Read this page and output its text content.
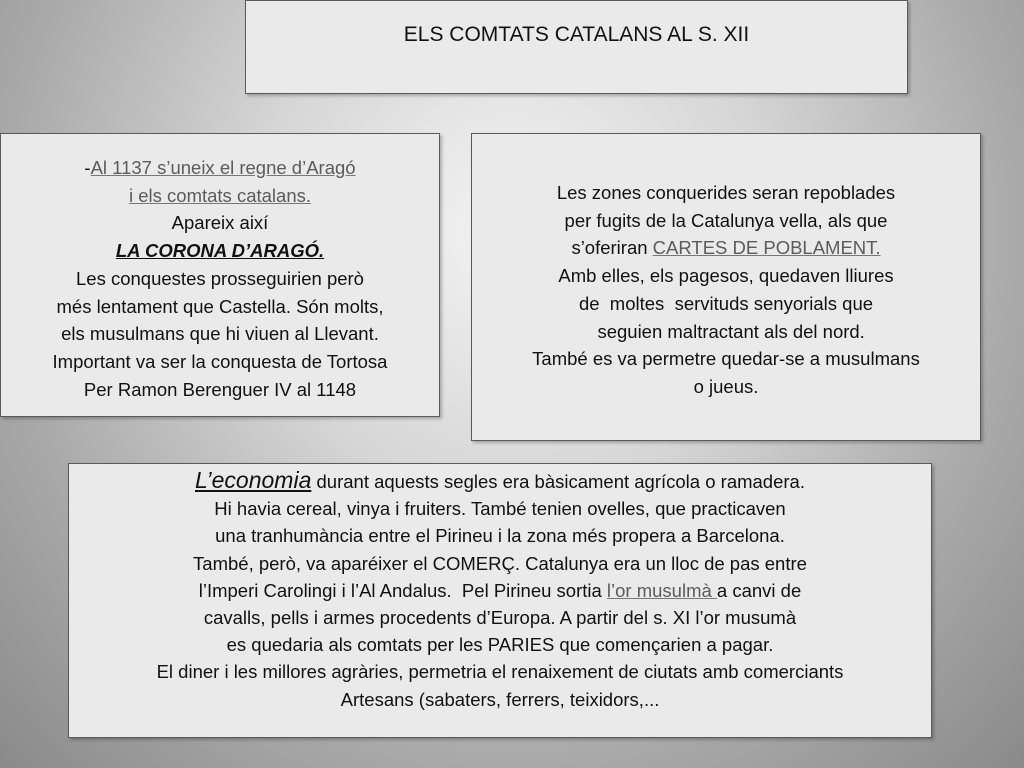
ELS COMTATS CATALANS AL S. XII
-Al 1137 s’uneix el regne d’Aragó
i els comtats catalans.
Apareix així
LA CORONA D’ARAGÓ.
Les conquestes prosseguirien però
més lentament que Castella. Són molts,
els musulmans que hi viuen al Llevant.
Important va ser la conquesta de Tortosa
Per Ramon Berenguer IV al 1148
Les zones conquerides seran repoblades
per fugits de la Catalunya vella, als que
s’oferiran CARTES DE POBLAMENT.
Amb elles, els pagesos, quedaven lliures
de  moltes  servituds senyorials que
seguien maltractant als del nord.
També es va permetre quedar-se a musulmans
o jueus.
L’economia durant aquests segles era bàsicament agrícola o ramadera.
Hi havia cereal, vinya i fruiters. També tenien ovelles, que practicaven
una tranhumància entre el Pirineu i la zona més propera a Barcelona.
També, però, va aparéixer el COMERÇ. Catalunya era un lloc de pas entre
l’Imperi Carolingi i l’Al Andalus.  Pel Pirineu sortia l’or musulmà a canvi de
cavalls, pells i armes procedents d’Europa. A partir del s. XI l’or musumà
es quedaria als comtats per les PARIES que començarien a pagar.
El diner i les millores agràries, permetria el renaixement de ciutats amb comerciants
Artesans (sabaters, ferrers, teixidors,...
